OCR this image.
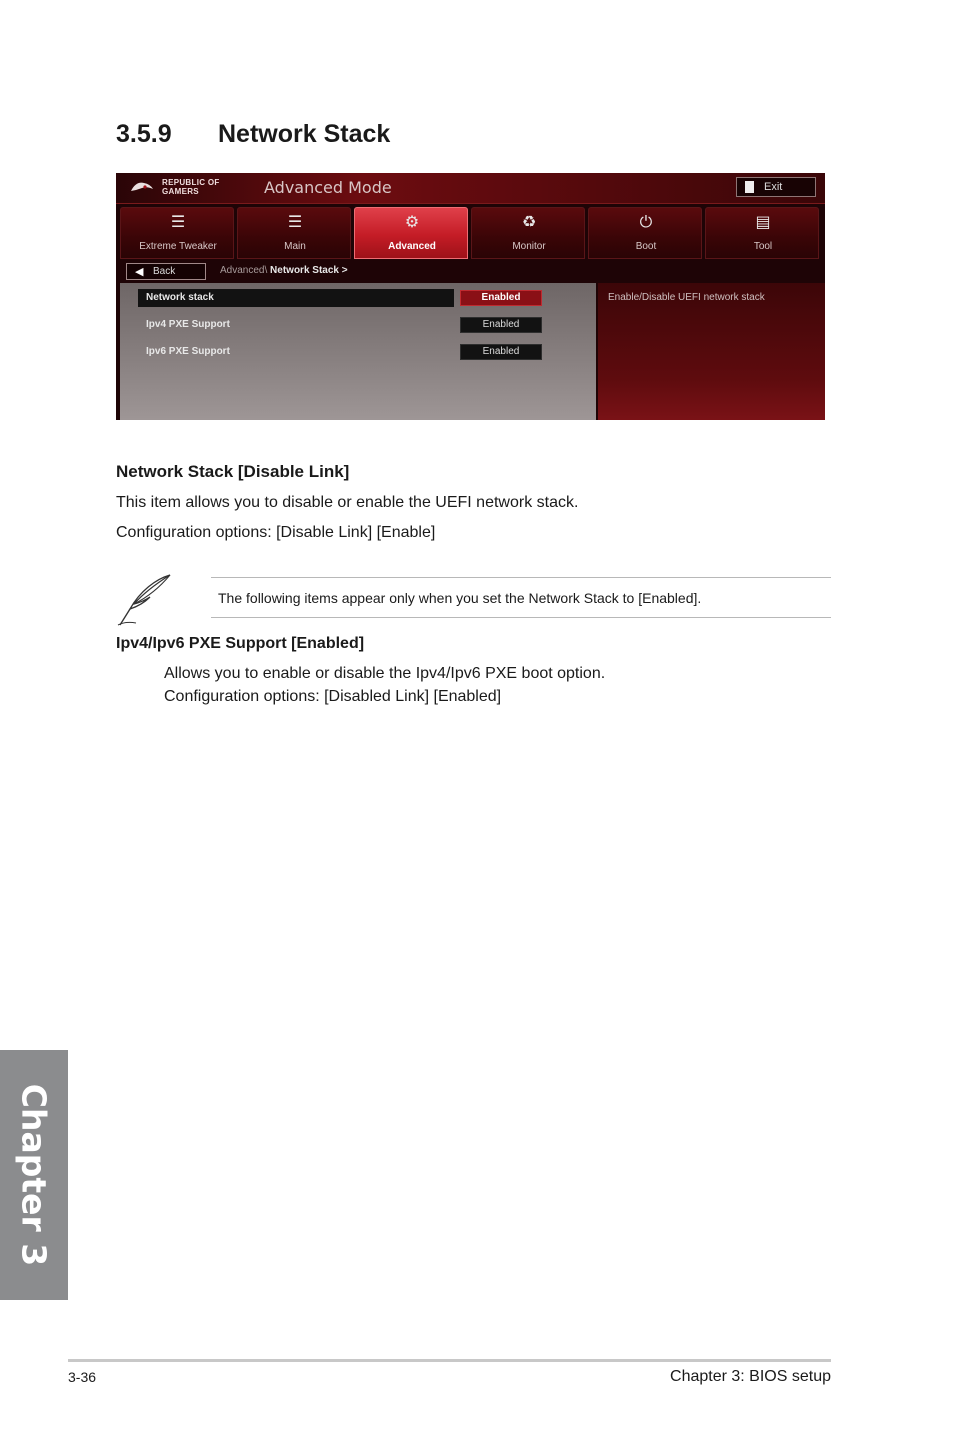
3.5.9 Network Stack
REPUBLIC OF GAMERS	Advanced Mode	Exit
☰
Extreme Tweaker
☰
Main
⚙
Advanced
♻
Monitor
⏻
Boot
▤
Tool
◀ Back	Advanced\ Network Stack >
Enable/Disable UEFI network stack
Network stack	Enabled
Ipv4 PXE Support	Enabled
Ipv6 PXE Support	Enabled
Network Stack [Disable Link]
This item allows you to disable or enable the UEFI network stack.
Configuration options: [Disable Link] [Enable]
The following items appear only when you set the Network Stack to [Enabled].
Ipv4/Ipv6 PXE Support [Enabled]
Allows you to enable or disable the Ipv4/Ipv6 PXE boot option.
Configuration options: [Disabled Link] [Enabled]
Chapter 3
3-36	Chapter 3: BIOS setup
